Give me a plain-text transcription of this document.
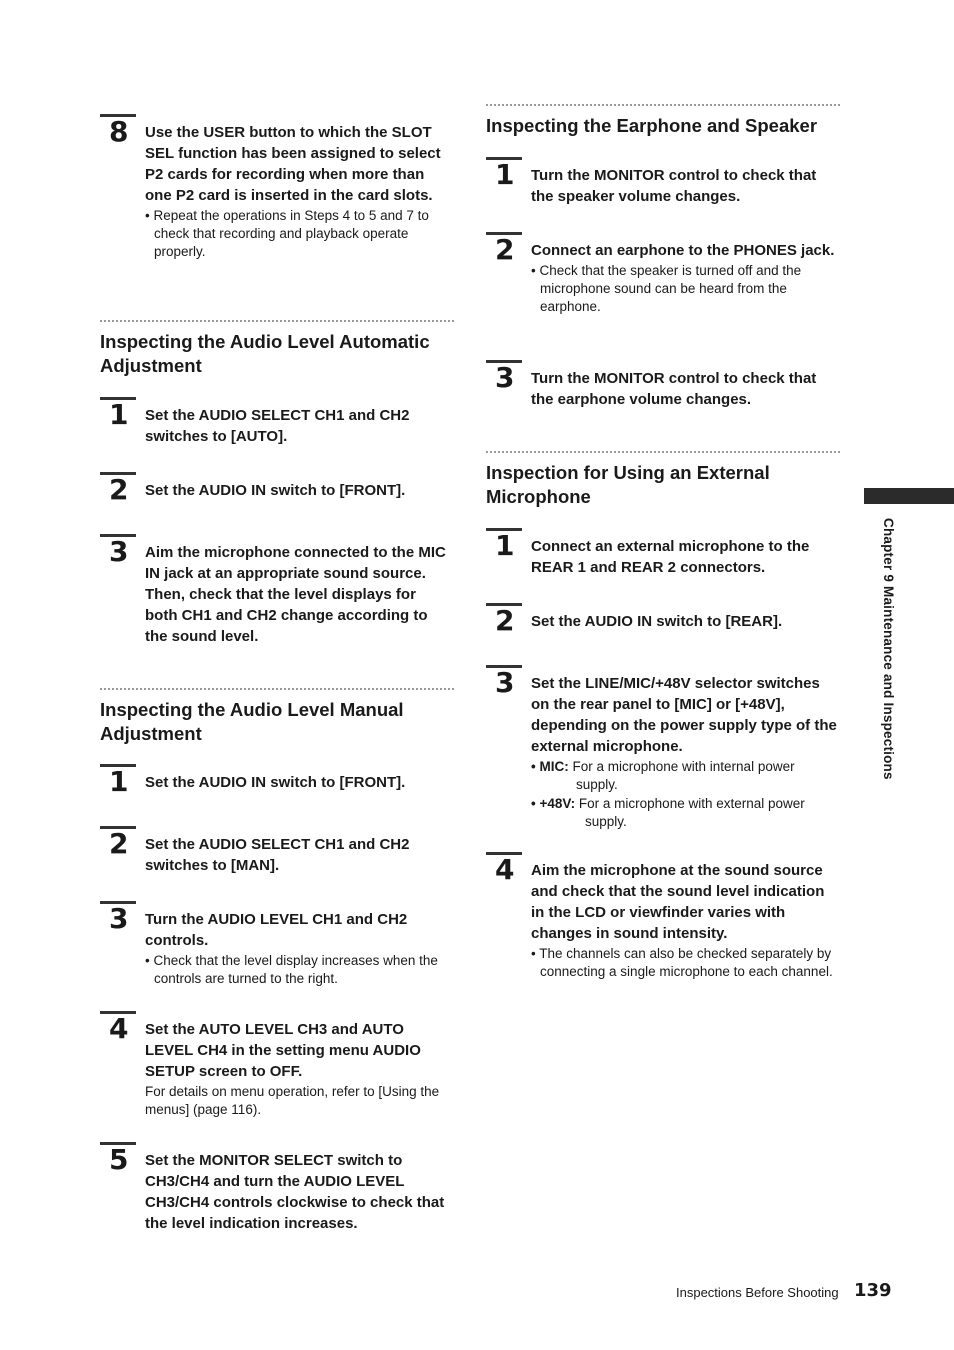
8	Use the USER button to which the SLOT SEL function has been assigned to select P2 cards for recording when more than one P2 card is inserted in the card slots.
• Repeat the operations in Steps 4 to 5 and 7 to check that recording and playback operate properly.
Inspecting the Audio Level Automatic Adjustment
1	Set the AUDIO SELECT CH1 and CH2 switches to [AUTO].
2	Set the AUDIO IN switch to [FRONT].
3	Aim the microphone connected to the MIC IN jack at an appropriate sound source. Then, check that the level displays for both CH1 and CH2 change according to the sound level.
Inspecting the Audio Level Manual Adjustment
1	Set the AUDIO IN switch to [FRONT].
2	Set the AUDIO SELECT CH1 and CH2 switches to [MAN].
3	Turn the AUDIO LEVEL CH1 and CH2 controls.
• Check that the level display increases when the controls are turned to the right.
4	Set the AUTO LEVEL CH3 and AUTO LEVEL CH4 in the setting menu AUDIO SETUP screen to OFF.
For details on menu operation, refer to [Using the menus] (page 116).
5	Set the MONITOR SELECT switch to CH3/CH4 and turn the AUDIO LEVEL CH3/CH4 controls clockwise to check that the level indication increases.
Inspecting the Earphone and Speaker
1	Turn the MONITOR control to check that the speaker volume changes.
2	Connect an earphone to the PHONES jack.
• Check that the speaker is turned off and the microphone sound can be heard from the earphone.
3	Turn the MONITOR control to check that the earphone volume changes.
Inspection for Using an External Microphone
1	Connect an external microphone to the REAR 1 and REAR 2 connectors.
2	Set the AUDIO IN switch to [REAR].
3	Set the LINE/MIC/+48V selector switches on the rear panel to [MIC] or [+48V], depending on the power supply type of the external microphone.
• MIC: For a microphone with internal power supply.
• +48V: For a microphone with external power supply.
4	Aim the microphone at the sound source and check that the sound level indication in the LCD or viewfinder varies with changes in sound intensity.
• The channels can also be checked separately by connecting a single microphone to each channel.
Chapter 9 Maintenance and Inspections
Inspections Before Shooting 139
